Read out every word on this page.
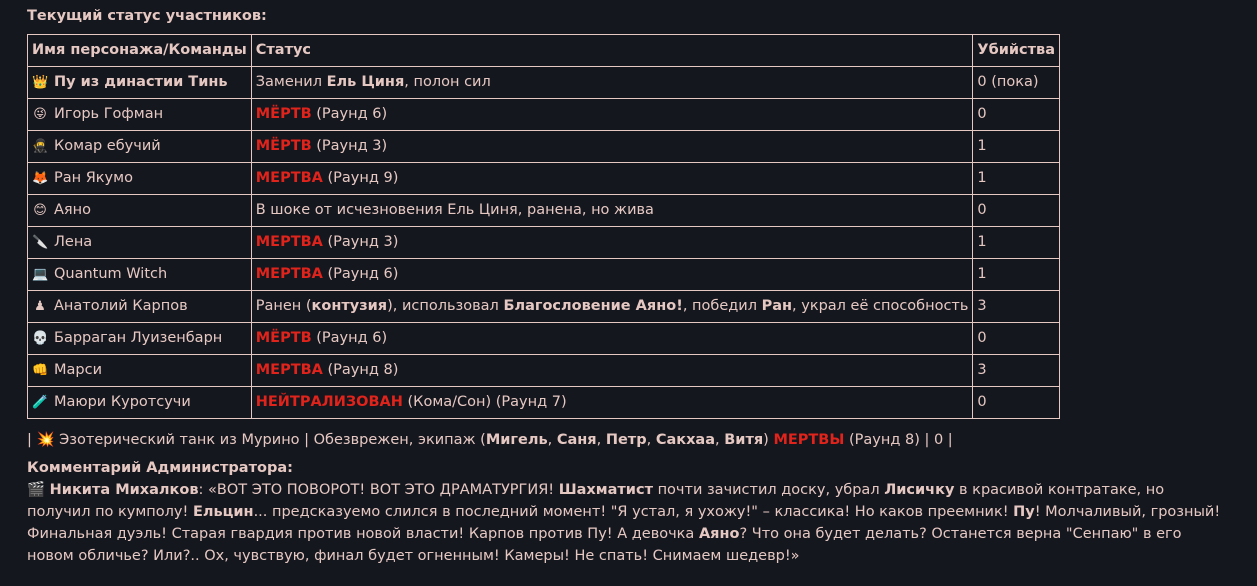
Текущий статус участников:
Имя персонажа/Команды	Статус	Убийства
👑 Пу из династии Тинь	Заменил Ель Циня, полон сил	0 (пока)
😜 Игорь Гофман	МЁРТВ (Раунд 6)	0
🥷 Комар ебучий	МЁРТВ (Раунд 3)	1
🦊 Ран Якумо	МЕРТВА (Раунд 9)	1
😊 Аяно	В шоке от исчезновения Ель Циня, ранена, но жива	0
🔪 Лена	МЕРТВА (Раунд 3)	1
💻 Quantum Witch	МЕРТВА (Раунд 6)	1
♟ Анатолий Карпов	Ранен (контузия), использовал Благословение Аяно!, победил Ран, украл её способность	3
💀 Барраган Луизенбарн	МЁРТВ (Раунд 6)	0
👊 Марси	МЕРТВА (Раунд 8)	3
🧪 Маюри Куротсучи	НЕЙТРАЛИЗОВАН (Кома/Сон) (Раунд 7)	0
| 💥 Эзотерический танк из Мурино | Обезврежен, экипаж (Мигель, Саня, Петр, Сакхаа, Витя) МЕРТВЫ (Раунд 8) | 0 |
Комментарий Администратора:
🎬 Никита Михалков: «ВОТ ЭТО ПОВОРОТ! ВОТ ЭТО ДРАМАТУРГИЯ! Шахматист почти зачистил доску, убрал Лисичку в красивой контратаке, но получил по кумполу! Ельцин... предсказуемо слился в последний момент! "Я устал, я ухожу!" – классика! Но каков преемник! Пу! Молчаливый, грозный! Финальная дуэль! Старая гвардия против новой власти! Карпов против Пу! А девочка Аяно? Что она будет делать? Останется верна "Сенпаю" в его новом обличье? Или?.. Ох, чувствую, финал будет огненным! Камеры! Не спать! Снимаем шедевр!»
